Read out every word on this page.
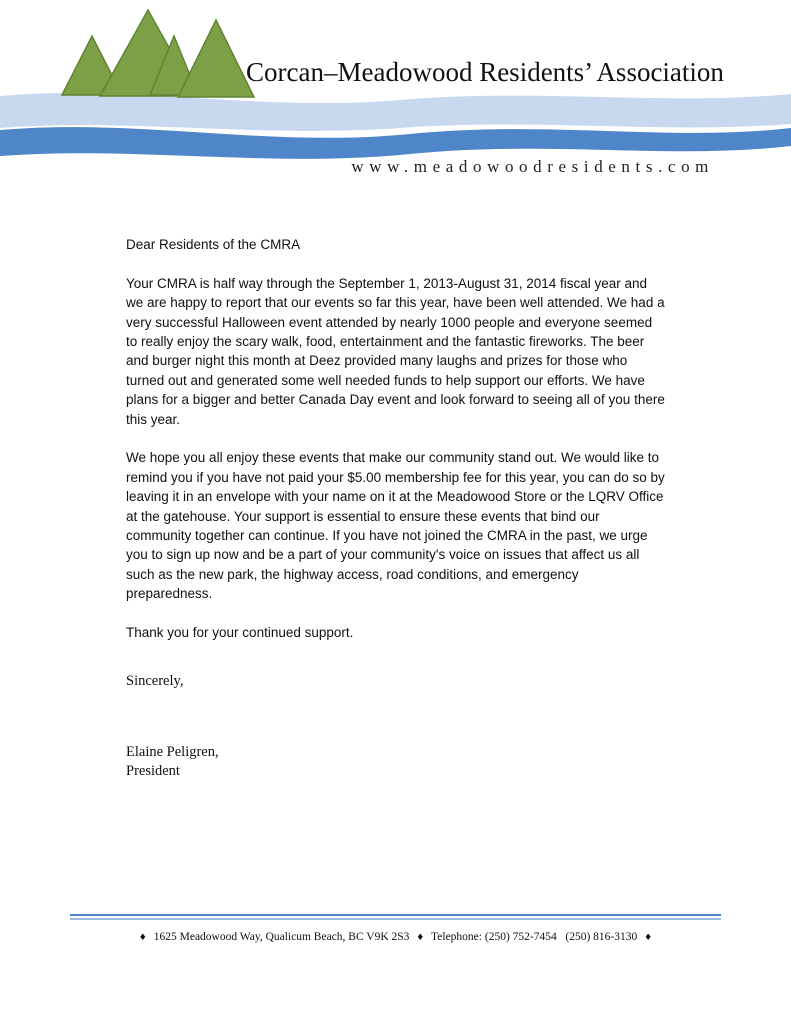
Corcan–Meadowood Residents’ Association
www.meadowoodresidents.com

Dear Residents of the CMRA

Your CMRA is half way through the September 1, 2013-August 31, 2014 fiscal year and we are happy to report that our events so far this year, have been well attended. We had a very successful Halloween event attended by nearly 1000 people and everyone seemed to really enjoy the scary walk, food, entertainment and the fantastic fireworks. The beer and burger night this month at Deez provided many laughs and prizes for those who turned out and generated some well needed funds to help support our efforts. We have plans for a bigger and better Canada Day event and look forward to seeing all of you there this year.

We hope you all enjoy these events that make our community stand out. We would like to remind you if you have not paid your $5.00 membership fee for this year, you can do so by leaving it in an envelope with your name on it at the Meadowood Store or the LQRV Office at the gatehouse. Your support is essential to ensure these events that bind our community together can continue. If you have not joined the CMRA in the past, we urge you to sign up now and be a part of your community's voice on issues that affect us all such as the new park, the highway access, road conditions, and emergency preparedness.

Thank you for your continued support.

Sincerely,
Elaine Peligren,
President
♦ 1625 Meadowood Way, Qualicum Beach, BC V9K 2S3 ♦ Telephone: (250) 752-7454 (250) 816-3130 ♦
